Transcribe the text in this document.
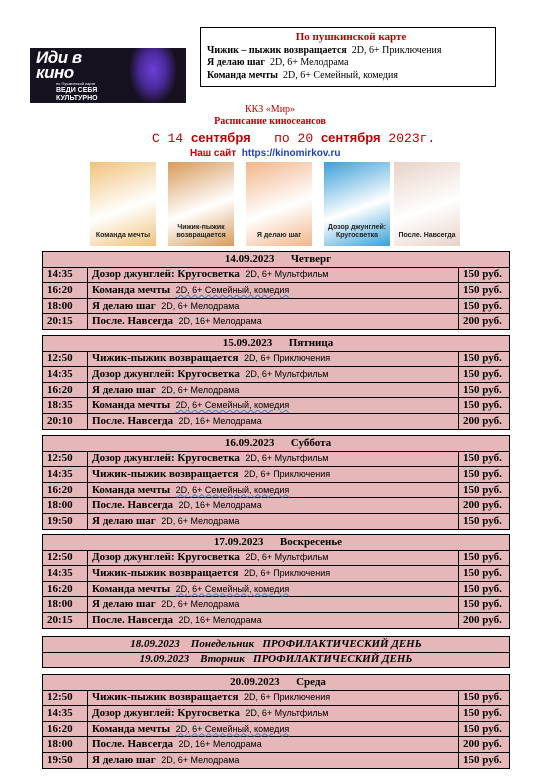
Иди в
кино
по Пушкинской карте
ВЕДИ СЕБЯ
КУЛЬТУРНО
В КИНО !
По пушкинской карте
Чижик – пыжик возвращается 2D, 6+ Приключения
Я делаю шаг 2D, 6+ Мелодрама
Команда мечты 2D, 6+ Семейный, комедия
ККЗ «Мир»
Расписание киносеансов
С 14 сентября по 20 сентября 2023г.
Наш сайт https://kinomirkov.ru
Команда мечты
Чижик-пыжик возвращается	Я делаю шаг
Дозор джунглей: Кругосветка	После. Навсегда
14.09.2023 Четверг		
14:35	Дозор джунглей: Кругосветка 2D, 6+ Мультфильм	150 руб.
16:20	Команда мечты 2D, 6+ Семейный, комедия	150 руб.
18:00	Я делаю шаг 2D, 6+ Мелодрама	150 руб.
20:15	После. Навсегда 2D, 16+ Мелодрама	200 руб.
15.09.2023 Пятница		
12:50	Чижик-пыжик возвращается 2D, 6+ Приключения	150 руб.
14:35	Дозор джунглей: Кругосветка 2D, 6+ Мультфильм	150 руб.
16:20	Я делаю шаг 2D, 6+ Мелодрама	150 руб.
18:35	Команда мечты 2D, 6+ Семейный, комедия	150 руб.
20:10	После. Навсегда 2D, 16+ Мелодрама	200 руб.
16.09.2023 Суббота		
12:50	Дозор джунглей: Кругосветка 2D, 6+ Мультфильм	150 руб.
14:35	Чижик-пыжик возвращается 2D, 6+ Приключения	150 руб.
16:20	Команда мечты 2D, 6+ Семейный, комедия	150 руб.
18:00	После. Навсегда 2D, 16+ Мелодрама	200 руб.
19:50	Я делаю шаг 2D, 6+ Мелодрама	150 руб.
17.09.2023 Воскресенье		
12:50	Дозор джунглей: Кругосветка 2D, 6+ Мультфильм	150 руб.
14:35	Чижик-пыжик возвращается 2D, 6+ Приключения	150 руб.
16:20	Команда мечты 2D, 6+ Семейный, комедия	150 руб.
18:00	Я делаю шаг 2D, 6+ Мелодрама	150 руб.
20:15	После. Навсегда 2D, 16+ Мелодрама	200 руб.
18.09.2023 Понедельник ПРОФИЛАКТИЧЕСКИЙ ДЕНЬ
19.09.2023 Вторник ПРОФИЛАКТИЧЕСКИЙ ДЕНЬ
20.09.2023 Среда		
12:50	Чижик-пыжик возвращается 2D, 6+ Приключения	150 руб.
14:35	Дозор джунглей: Кругосветка 2D, 6+ Мультфильм	150 руб.
16:20	Команда мечты 2D, 6+ Семейный, комедия	150 руб.
18:00	После. Навсегда 2D, 16+ Мелодрама	200 руб.
19:50	Я делаю шаг 2D, 6+ Мелодрама	150 руб.
